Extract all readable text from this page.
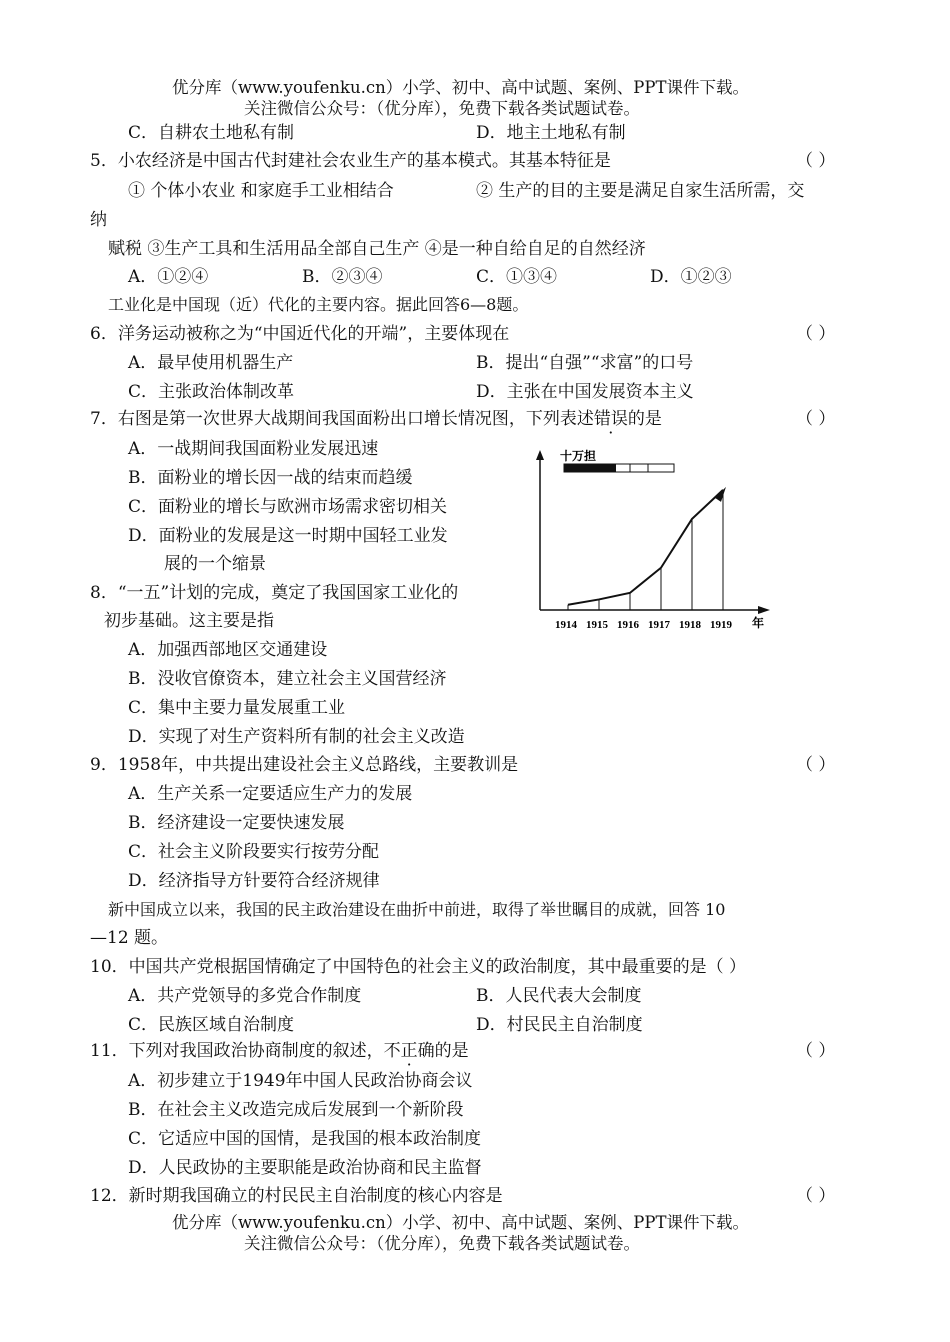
优分库（www.youfenku.cn）小学、初中、高中试题、案例、PPT课件下载。
关注微信公众号：（优分库），免费下载各类试题试卷。
C．自耕农土地私有制	D．地主土地私有制
5．小农经济是中国古代封建社会农业生产的基本模式。其基本特征是	（ ）
① 个体小农业 和家庭手工业相结合	② 生产的目的主要是满足自家生活所需，交
纳
赋税 ③生产工具和生活用品全部自己生产 ④是一种自给自足的自然经济
A．①②④	B．②③④	C．①③④	D．①②③
工业化是中国现（近）代化的主要内容。据此回答6—8题。
6．洋务运动被称之为“中国近代化的开端”，主要体现在	（ ）
A．最早使用机器生产	B．提出“自强”“求富”的口号
C．主张政治体制改革	D．主张在中国发展资本主义
7．右图是第一次世界大战期间我国面粉出口增长情况图，下列表述错误的是	（ ）
A．一战期间我国面粉业发展迅速
B．面粉业的增长因一战的结束而趋缓
C．面粉业的增长与欧洲市场需求密切相关
D．面粉业的发展是这一时期中国轻工业发
展的一个缩景
十万担
年
1914 1915 1916 1917 1918 1919
8．“一五”计划的完成，奠定了我国国家工业化的
初步基础。这主要是指
A．加强西部地区交通建设
B．没收官僚资本，建立社会主义国营经济
C．集中主要力量发展重工业
D．实现了对生产资料所有制的社会主义改造
9．1958年，中共提出建设社会主义总路线，主要教训是	（ ）
A．生产关系一定要适应生产力的发展
B．经济建设一定要快速发展
C．社会主义阶段要实行按劳分配
D．经济指导方针要符合经济规律
新中国成立以来，我国的民主政治建设在曲折中前进，取得了举世瞩目的成就，回答 10
—12 题。
10．中国共产党根据国情确定了中国特色的社会主义的政治制度，其中最重要的是（ ）
A．共产党领导的多党合作制度	B．人民代表大会制度
C．民族区域自治制度	D．村民民主自治制度
11．下列对我国政治协商制度的叙述，不正确的是	（ ）
A．初步建立于1949年中国人民政治协商会议
B．在社会主义改造完成后发展到一个新阶段
C．它适应中国的国情，是我国的根本政治制度
D．人民政协的主要职能是政治协商和民主监督
12．新时期我国确立的村民民主自治制度的核心内容是	（ ）
优分库（www.youfenku.cn）小学、初中、高中试题、案例、PPT课件下载。
关注微信公众号：（优分库），免费下载各类试题试卷。
